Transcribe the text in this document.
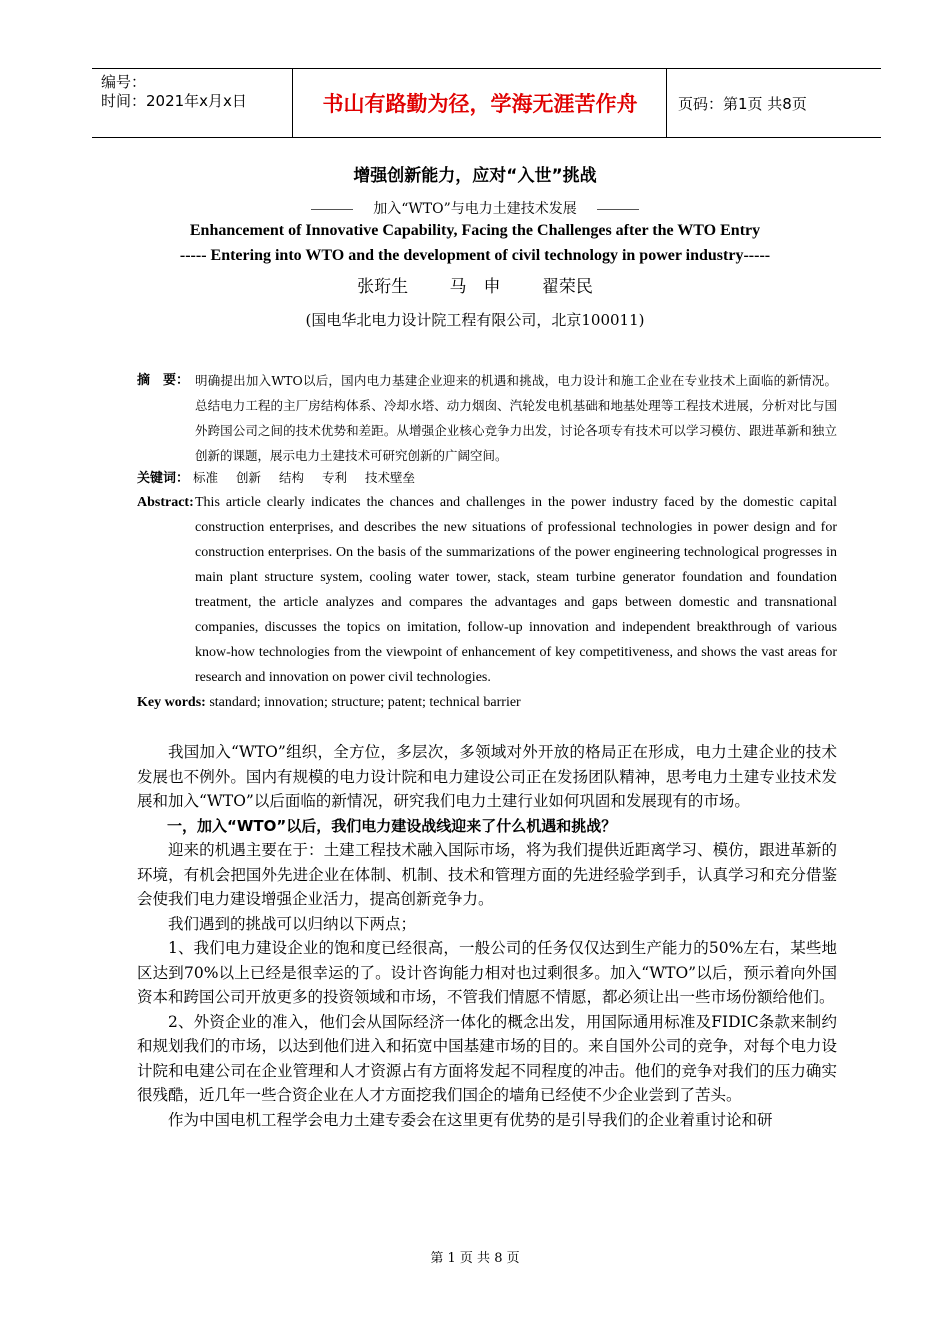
编号：
时间：2021年x月x日	书山有路勤为径，学海无涯苦作舟	页码：第1页 共8页
增强创新能力，应对“入世”挑战
加入“WTO”与电力土建技术发展
Enhancement of Innovative Capability, Facing the Challenges after the WTO Entry
----- Entering into WTO and the development of civil technology in power industry-----
张珩生 马　申 翟荣民
(国电华北电力设计院工程有限公司，北京100011)
摘　要： 明确提出加入WTO以后，国内电力基建企业迎来的机遇和挑战，电力设计和施工企业在专业技术上面临的新情况。总结电力工程的主厂房结构体系、冷却水塔、动力烟囱、汽轮发电机基础和地基处理等工程技术进展，分析对比与国外跨国公司之间的技术优势和差距。从增强企业核心竞争力出发，讨论各项专有技术可以学习模仿、跟进革新和独立创新的课题，展示电力土建技术可研究创新的广阔空间。
关键词： 标准 创新 结构 专利 技术壁垒
Abstract: This article clearly indicates the chances and challenges in the power industry faced by the domestic capital construction enterprises, and describes the new situations of professional technologies in power design and for construction enterprises. On the basis of the summarizations of the power engineering technological progresses in main plant structure system, cooling water tower, stack, steam turbine generator foundation and foundation treatment, the article analyzes and compares the advantages and gaps between domestic and transnational companies, discusses the topics on imitation, follow-up innovation and independent breakthrough of various know-how technologies from the viewpoint of enhancement of key competitiveness, and shows the vast areas for research and innovation on power civil technologies.
Key words: standard; innovation; structure; patent; technical barrier

我国加入“WTO”组织，全方位，多层次，多领域对外开放的格局正在形成，电力土建企业的技术发展也不例外。国内有规模的电力设计院和电力建设公司正在发扬团队精神，思考电力土建专业技术发展和加入“WTO”以后面临的新情况，研究我们电力土建行业如何巩固和发展现有的市场。

一，加入“WTO”以后，我们电力建设战线迎来了什么机遇和挑战？

迎来的机遇主要在于：土建工程技术融入国际市场，将为我们提供近距离学习、模仿，跟进革新的环境，有机会把国外先进企业在体制、机制、技术和管理方面的先进经验学到手，认真学习和充分借鉴会使我们电力建设增强企业活力，提高创新竞争力。

我们遇到的挑战可以归纳以下两点；

1、我们电力建设企业的饱和度已经很高，一般公司的任务仅仅达到生产能力的50%左右，某些地区达到70%以上已经是很幸运的了。设计咨询能力相对也过剩很多。加入“WTO”以后，预示着向外国资本和跨国公司开放更多的投资领域和市场，不管我们情愿不情愿，都必须让出一些市场份额给他们。

2、外资企业的准入，他们会从国际经济一体化的概念出发，用国际通用标准及FIDIC条款来制约和规划我们的市场，以达到他们进入和拓宽中国基建市场的目的。来自国外公司的竞争，对每个电力设计院和电建公司在企业管理和人才资源占有方面将发起不同程度的冲击。他们的竞争对我们的压力确实很残酷，近几年一些合资企业在人才方面挖我们国企的墙角已经使不少企业尝到了苦头。

作为中国电机工程学会电力土建专委会在这里更有优势的是引导我们的企业着重讨论和研

第 1 页 共 8 页
